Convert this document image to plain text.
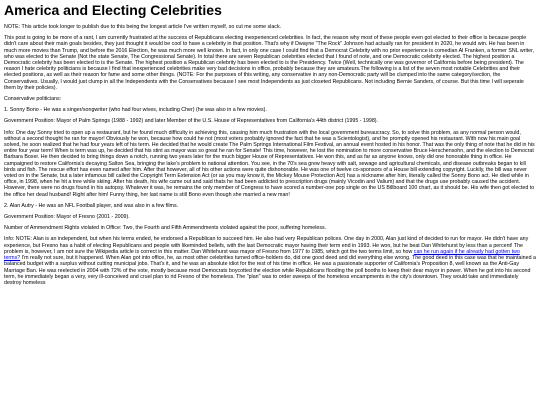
America and Electing Celebrities

NOTE: This article took longer to publish due to this being the longest article I've written myself, so cut me some slack.

This post is going to be more of a rant, I am currently frustrated at the success of Republicans electing inexperienced celebrities. In fact, the reason why most of these people even got elected to their office is because people didn't care about their main goals besides, they just thought it would be cool to have a celebrity in that position. That's why if Dwayne "The Rock" Johnson had actually ran for president in 2020, he would win. He has been in much more movies than Trump, and before the 2016 Election, he was much more well known. In fact, in only one case I could find that a Democrat Celebrity with no prior experience is comedian Al Franken, a former SNL writer, who was elected to the Senate (Not the state Senate, The Congressional Senate). In total there are seven Republican celebrities elected that I found of note, and one Democratic celebrity elected. The highest position a Democratic celebrity has been elected to is the Senate. The highest position a Republican celebrity has been elected to is the Presidency. Twice (Well, technically one was governor of California before being president). The reason I hate celebrity politicians is because I find that inexperienced celebrities make very bad decisions in office, probably because they are amateurs.The following is a list of the seven most notable Celebrities and their elected positions, as well as their reason for fame and some other things. (NOTE: For the purposes of this writing, any conservative in any non-Democratic party will be clumped into the same category/section, the Conservatives. Usually, I would just clump in all the Independents with the Conservatives because I see most Independents as just closeted Republicans. Not including Bernie Sanders, of course. But this time I will seperate them by their policies).

Conservative politicians:

1. Sonny Bono - He was a singer/songwriter (who had four wives, including Cher) (he was also in a few movies).

Government Position: Mayor of Palm Springs (1988 - 1992) and later Member of the U.S. House of Representatives from California's 44th district (1995 - 1998).

Info: One day Sonny tried to open up a restaurant, but he found much difficulty in achieving this, causing him much frustration with the local government bureaucracy. So, to solve this problem, as any normal person would, without a second thought he ran for mayor! Obviously he won, because how could he not (most voters probably ignored the fact that he was a Scientologist), and he promptly opened his restaurant. With now his main goal solved, he soon realized that he had four years left of his term. He decided that he would create The Palm Springs International Film Festival, an annual event hosted in his honor. That was the only thing of note that he did in his entire four year term! When is term was up, he decided that his stint as mayor was so great he ran for Senate! This time, however, he lost the nomination to more conservative Bruce Herschensohn, and the election to Democrat Barbara Boxer. He then decided to bring things down a notch, running two years later for the much bigger House of Representatives. He won this, and as far as anyone knows, only did one honorable thing in office. He campaigned to restore California's decaying Salton Sea, bringing the lake's problem to national attention. You see, in the 70's sea grew heavy with salt, sewage and agricultural chemicals, and disease outbreaks began to kill birds and fish. The rescue effort has even named after him. After that however, all of his other actions were quite dishonorable. He was one of twelve co-sponsors of a House bill extending copyright. Luckily, the bill was never voted on in the Senate, but a later infamous bill called the Copyright Term Extension Act (or as you may know it, the Mickey Mouse Protection Act) has a nickname after him, literally called the Sonny Bono act. He died while in office, in 1998, when he hit a tree while skiing. After his death, his wife came out and said thats he had been addicted to prescription drugs (mainly Vicodin and Valium) and that the drugs use probably caused the accident. However, there were no drugs found in his autopsy. Whatever it was, he remains the only member of Congress to have scored a number-one pop single on the US Billboard 100 chart, as it should be. His wife then got elected to the office her dead husband! Right after him! Funny thing, her last name is still Bono even though she married a new man!

2. Alan Autry - He was an NFL Football player, and was also in a few films.

Government Position: Mayor of Fresno (2001 - 2009).

Number of Ammendment Rights violated in Office: Two, the Fourth and Fifth Ammendments violated against the poor, suffering homeless.

Info: NOTE: Alan is an independent, but when his terms ended, he endorsed a Republican to succeed him. He also had very Republican polices. One day in 2000, Alan just kind of decided to run for mayor. He didn't have any experience, but Fresno has a habit of electing Republicans and people with likeminded beliefs, with the last Democratic mayor having their term end in 1993. He won, but he beat Dan Whitehurst by less than a percent! The problem is, however, I am not sure the Wikipedia article is correct in this matter. Dan Whitehurst was mayor of Fresno from 1977 to 1985, which got the two terms limit, so how can he run again if he already had gotten two terms? I'm really not sure, but it happened. When Alan got into office, he, as most other celebrities turned office-holders do, did one good deed and did everything else wrong. The good deed in this case was that he maintained a balanced budget with a surplus without cutting municipal jobs. That's it, and he was an absolute idiot for the rest of his time in office. He was a passionate supporter of California's Proposition 8, well known as the Anti-Gay Marriage Ban. He was reelected in 2004 with 72% of the vote, mostly because most Democrats boycotted the election while Republicans flooding the poll booths to keep their dear mayor in power. When he got into his second term, he immediately began a very, very ill-conceived and cruel plan to rid Fresno of the homeless. The "plan" was to order sweeps of the homeless encampments in the city's downtown. They would take and immediately destroy homeless
